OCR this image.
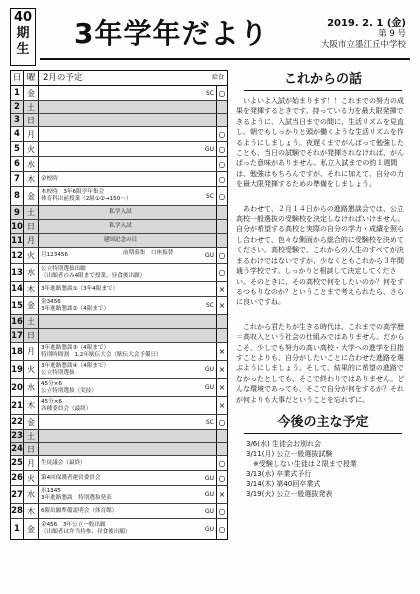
40
期
生 3年学年だより	2019. 2. 1 (金)
第 9 号
大阪市立墨江丘中学校
日 曜 2月の予定	給食
1 金	SC ○
2 土
3 日
4 月	○
5 火	GU ○
6 水	○
7 木	金校時	○
8 金	木校時　3年6限学年集会
体育科出前授業（2組①②→150～）	SC ○
9 土	私学入試
10 日	私学入試
11 月	建国記念の日
12 火	月123456	前期募集　口座振替	GU ○
13 水	公立特別選抜出願
（出願者のみ4限まで授業、昼食後出願）	○
14 木	3年進路懇談①（3年4限まで）	×
15 金	金3456
3年進路懇談②（4限まで）	SC ×
16 土
17 日
18 月	3年進路懇談③（4限まで）
特別時間割　1,2年駅伝大会（駅伝大会予備日）	×
19 火	3年進路懇談④（4限まで）
公立特別選抜	GU ×
20 水	45分×6
公立特別選抜（実技）	GU ×
21 木	45分×6
各種委員会（最終）	×
22 金	SC ○
23 土
24 日
25 月	生徒議会（最終）	○
26 火	第4回保護者運営委員会	GU ○
27 水	水1345
3年進路懇談　特別選抜発表	GU ×
28 木	6限出願準備説明会（体育館）	GU ○
1 金	金456　3年公立一般出願
（出願者は弁当持参、昼食後出願）	GU ○
これからの話

いよいよ入試が始まります！！これまでの努力の成果を発揮するときです。持っている力を最大限発揮できるように、入試当日までの間に、生活リズムを見直し、朝でもしっかりと頭が働くような生活リズムを作るようにしましょう。夜遅くまでがんばって勉強したことも、当日の試験でそれが発揮されなければ、がんばった意味がありません。私立入試までの約１週間は、勉強はもちろんですが、それに加えて、自分の力を最大限発揮するための準備をしましょう。

あわせて、２月１４日からの進路懇談会では、公立高校一般選抜の受験校を決定しなければいけません。自分が希望する高校と実際の自分の学力・成績を照らし合わせて、色々な側面から総合的に受験校を決めてください。高校受験で、これからの人生のすべてが決まるわけではないですが、少なくともこれから３年間通う学校です。しっかりと相談して決定してください。そのときに、その高校で何をしたいのか？何をするつもりなのか？ということまで考えられたら、さらに良いですね。

これから君たちが生きる時代は、これまでの高学歴＝高収入という社会の仕組みではありません。だからこそ、少しでも努力の高い高校・大学への進学を目指すことよりも、自分がしたいことに合わせた進路を選ぶようにしましょう。そして、結果的に希望の進路でなかったとしても、そこで終わりではありません。どんな環境であっても、そこで自分が何をするか？それが何よりも大事だということを忘れずに。

今後の主な予定
3/6(水) 生徒会お別れ会
3/11(月) 公立一般選抜試験
　※受験しない生徒は２限まで授業
3/13(水) 卒業式予行
3/14(木) 第40回卒業式
3/19(火) 公立一般選抜発表
